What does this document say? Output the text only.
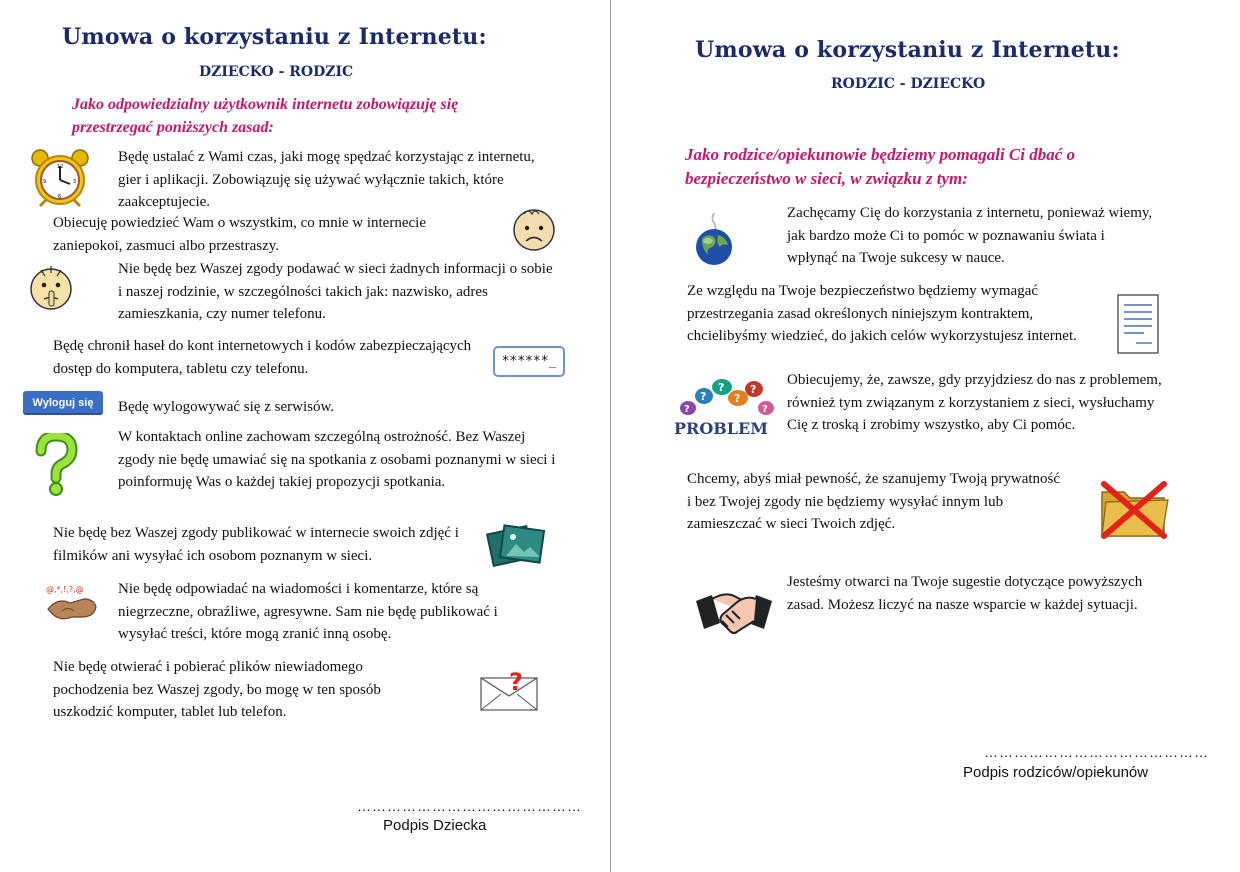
Umowa o korzystaniu z Internetu:
DZIECKO - RODZIC
Jako odpowiedzialny użytkownik internetu zobowiązuję się przestrzegać poniższych zasad:
12
3
6
9
Będę ustalać z Wami czas, jaki mogę spędzać korzystając z internetu, gier i aplikacji. Zobowiązuję się używać wyłącznie takich, które zaakceptujecie.
Obiecuję powiedzieć Wam o wszystkim, co mnie w internecie zaniepokoi, zasmuci albo przestraszy.
Nie będę bez Waszej zgody podawać w sieci żadnych informacji o sobie i naszej rodzinie, w szczególności takich jak: nazwisko, adres zamieszkania, czy numer telefonu.
Będę chronił haseł do kont internetowych i kodów zabezpieczających dostęp do komputera, tabletu czy telefonu.	******_
Wyloguj się	Będę wylogowywać się z serwisów.
W kontaktach online zachowam szczególną ostrożność. Bez Waszej zgody nie będę umawiać się na spotkania z osobami poznanymi w sieci i poinformuję Was o każdej takiej propozycji spotkania.
Nie będę bez Waszej zgody publikować w internecie swoich zdjęć i filmików ani wysyłać ich osobom poznanym w sieci.
@,*,!,?,@ Nie będę odpowiadać na wiadomości i komentarze, które są niegrzeczne, obraźliwe, agresywne. Sam nie będę publikować i wysyłać treści, które mogą zranić inną osobę.
Nie będę otwierać i pobierać plików niewiadomego pochodzenia bez Waszej zgody, bo mogę w ten sposób uszkodzić komputer, tablet lub telefon.
?
………………………………………
Podpis Dziecka
Umowa o korzystaniu z Internetu:
RODZIC - DZIECKO
Jako rodzice/opiekunowie będziemy pomagali Ci dbać o bezpieczeństwo w sieci, w związku z tym:
Zachęcamy Cię do korzystania z internetu, ponieważ wiemy, jak bardzo może Ci to pomóc w poznawaniu świata i wpłynąć na Twoje sukcesy w nauce.
Ze względu na Twoje bezpieczeństwo będziemy wymagać przestrzegania zasad określonych niniejszym kontraktem, chcielibyśmy wiedzieć, do jakich celów wykorzystujesz internet.
?
?
?
?
?
?
PROBLEM
Obiecujemy, że, zawsze, gdy przyjdziesz do nas z problemem, również tym związanym z korzystaniem z sieci, wysłuchamy Cię z troską i zrobimy wszystko, aby Ci pomóc.
Chcemy, abyś miał pewność, że szanujemy Twoją prywatność i bez Twojej zgody nie będziemy wysyłać innym lub zamieszczać w sieci Twoich zdjęć.
Jesteśmy otwarci na Twoje sugestie dotyczące powyższych zasad. Możesz liczyć na nasze wsparcie w każdej sytuacji.
………………………………………
Podpis rodziców/opiekunów
